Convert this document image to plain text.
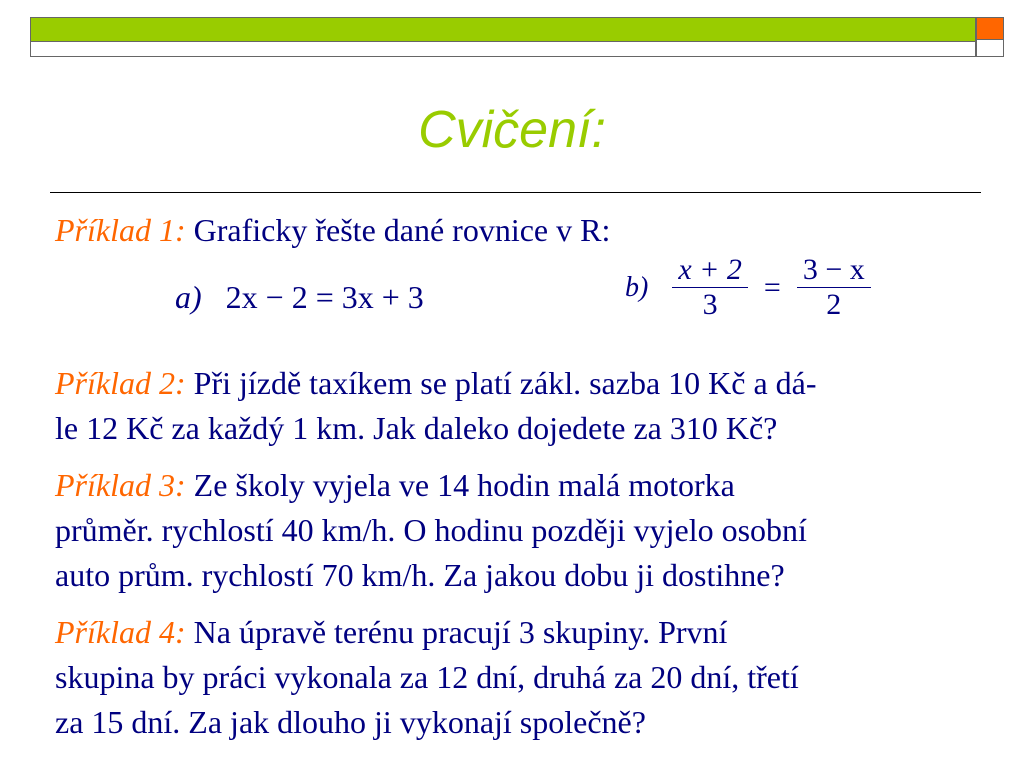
Cvičení:

Příklad 1: Graficky řešte dané rovnice v R:

a) 2x − 2 = 3x + 3	$b) \frac{x + 2}{3} = \frac{3 - x}{2}$

Příklad 2: Při jízdě taxíkem se platí zákl. sazba 10 Kč a dá-
le 12 Kč za každý 1 km. Jak daleko dojedete za 310 Kč?

Příklad 3: Ze školy vyjela ve 14 hodin malá motorka
průměr. rychlostí 40 km/h. O hodinu později vyjelo osobní
auto prům. rychlostí 70 km/h. Za jakou dobu ji dostihne?

Příklad 4: Na úpravě terénu pracují 3 skupiny. První
skupina by práci vykonala za 12 dní, druhá za 20 dní, třetí
za 15 dní. Za jak dlouho ji vykonají společně?
